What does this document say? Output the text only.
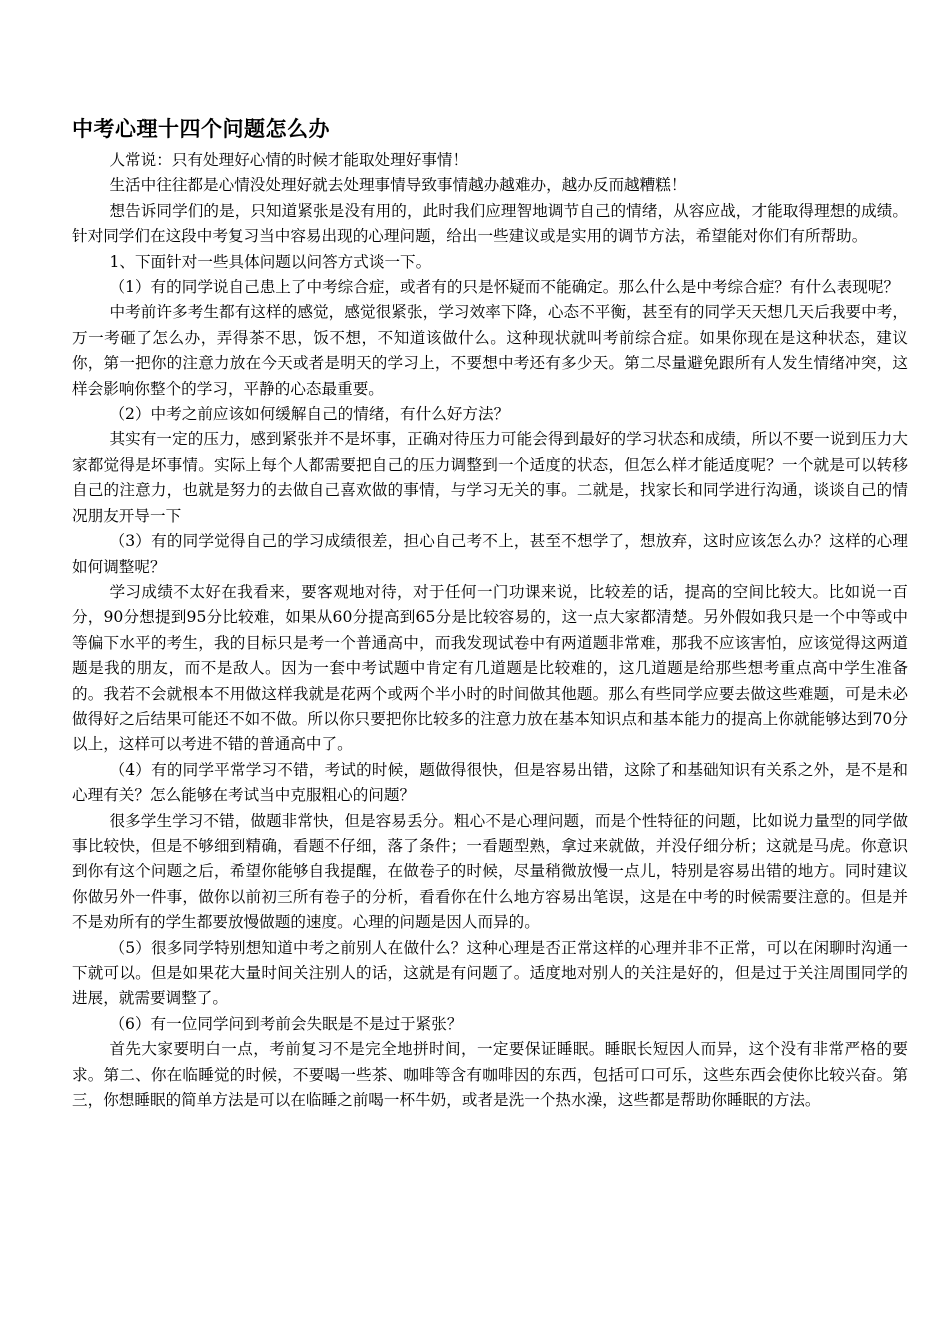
中考心理十四个问题怎么办

人常说：只有处理好心情的时候才能取处理好事情！

生活中往往都是心情没处理好就去处理事情导致事情越办越难办，越办反而越糟糕！

想告诉同学们的是，只知道紧张是没有用的，此时我们应理智地调节自己的情绪，从容应战，才能取得理想的成绩。针对同学们在这段中考复习当中容易出现的心理问题，给出一些建议或是实用的调节方法，希望能对你们有所帮助。

1、下面针对一些具体问题以问答方式谈一下。

（1）有的同学说自己患上了中考综合症，或者有的只是怀疑而不能确定。那么什么是中考综合症？有什么表现呢？

中考前许多考生都有这样的感觉，感觉很紧张，学习效率下降，心态不平衡，甚至有的同学天天想几天后我要中考，万一考砸了怎么办，弄得茶不思，饭不想，不知道该做什么。这种现状就叫考前综合症。如果你现在是这种状态，建议你，第一把你的注意力放在今天或者是明天的学习上，不要想中考还有多少天。第二尽量避免跟所有人发生情绪冲突，这样会影响你整个的学习，平静的心态最重要。

（2）中考之前应该如何缓解自己的情绪，有什么好方法？

其实有一定的压力，感到紧张并不是坏事，正确对待压力可能会得到最好的学习状态和成绩，所以不要一说到压力大家都觉得是坏事情。实际上每个人都需要把自己的压力调整到一个适度的状态，但怎么样才能适度呢？一个就是可以转移自己的注意力，也就是努力的去做自己喜欢做的事情，与学习无关的事。二就是，找家长和同学进行沟通，谈谈自己的情况朋友开导一下

（3）有的同学觉得自己的学习成绩很差，担心自己考不上，甚至不想学了，想放弃，这时应该怎么办？这样的心理如何调整呢？

学习成绩不太好在我看来，要客观地对待，对于任何一门功课来说，比较差的话，提高的空间比较大。比如说一百分，90分想提到95分比较难，如果从60分提高到65分是比较容易的，这一点大家都清楚。另外假如我只是一个中等或中等偏下水平的考生，我的目标只是考一个普通高中，而我发现试卷中有两道题非常难，那我不应该害怕，应该觉得这两道题是我的朋友，而不是敌人。因为一套中考试题中肯定有几道题是比较难的，这几道题是给那些想考重点高中学生准备的。我若不会就根本不用做这样我就是花两个或两个半小时的时间做其他题。那么有些同学应要去做这些难题，可是未必做得好之后结果可能还不如不做。所以你只要把你比较多的注意力放在基本知识点和基本能力的提高上你就能够达到70分以上，这样可以考进不错的普通高中了。

（4）有的同学平常学习不错，考试的时候，题做得很快，但是容易出错，这除了和基础知识有关系之外，是不是和心理有关？怎么能够在考试当中克服粗心的问题？

很多学生学习不错，做题非常快，但是容易丢分。粗心不是心理问题，而是个性特征的问题，比如说力量型的同学做事比较快，但是不够细到精确，看题不仔细，落了条件；一看题型熟，拿过来就做，并没仔细分析；这就是马虎。你意识到你有这个问题之后，希望你能够自我提醒，在做卷子的时候，尽量稍微放慢一点儿，特别是容易出错的地方。同时建议你做另外一件事，做你以前初三所有卷子的分析，看看你在什么地方容易出笔误，这是在中考的时候需要注意的。但是并不是劝所有的学生都要放慢做题的速度。心理的问题是因人而异的。

（5）很多同学特别想知道中考之前别人在做什么？这种心理是否正常这样的心理并非不正常，可以在闲聊时沟通一下就可以。但是如果花大量时间关注别人的话，这就是有问题了。适度地对别人的关注是好的，但是过于关注周围同学的进展，就需要调整了。

（6）有一位同学问到考前会失眠是不是过于紧张？

首先大家要明白一点，考前复习不是完全地拼时间，一定要保证睡眠。睡眠长短因人而异，这个没有非常严格的要求。第二、你在临睡觉的时候，不要喝一些茶、咖啡等含有咖啡因的东西，包括可口可乐，这些东西会使你比较兴奋。第三，你想睡眠的简单方法是可以在临睡之前喝一杯牛奶，或者是洗一个热水澡，这些都是帮助你睡眠的方法。
